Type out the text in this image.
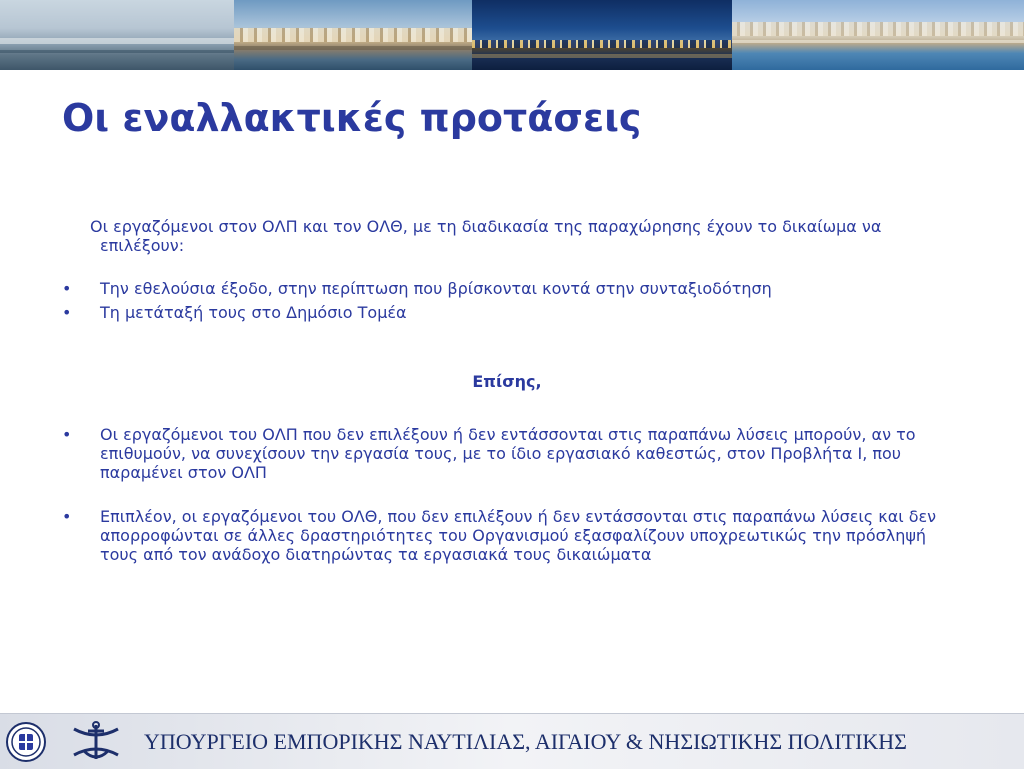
Οι εναλλακτικές προτάσεις

Οι εργαζόμενοι στον ΟΛΠ και τον ΟΛΘ, με τη διαδικασία της παραχώρησης έχουν το δικαίωμα να επιλέξουν:

• Την εθελούσια έξοδο, στην περίπτωση που βρίσκονται κοντά στην συνταξιοδότηση
• Τη μετάταξή τους στο Δημόσιο Τομέα

Επίσης,

• Οι εργαζόμενοι του ΟΛΠ που δεν επιλέξουν ή δεν εντάσσονται στις παραπάνω λύσεις μπορούν, αν το επιθυμούν, να συνεχίσουν την εργασία τους, με το ίδιο εργασιακό καθεστώς, στον Προβλήτα Ι, που παραμένει στον ΟΛΠ
• Επιπλέον, οι εργαζόμενοι του ΟΛΘ, που δεν επιλέξουν ή δεν εντάσσονται στις παραπάνω λύσεις και δεν απορροφώνται σε άλλες δραστηριότητες του Οργανισμού εξασφαλίζουν υποχρεωτικώς την πρόσληψή τους από τον ανάδοχο διατηρώντας τα εργασιακά τους δικαιώματα

ΥΠΟΥΡΓΕΙΟ ΕΜΠΟΡΙΚΗΣ ΝΑΥΤΙΛΙΑΣ, ΑΙΓΑΙΟΥ & ΝΗΣΙΩΤΙΚΗΣ ΠΟΛΙΤΙΚΗΣ
